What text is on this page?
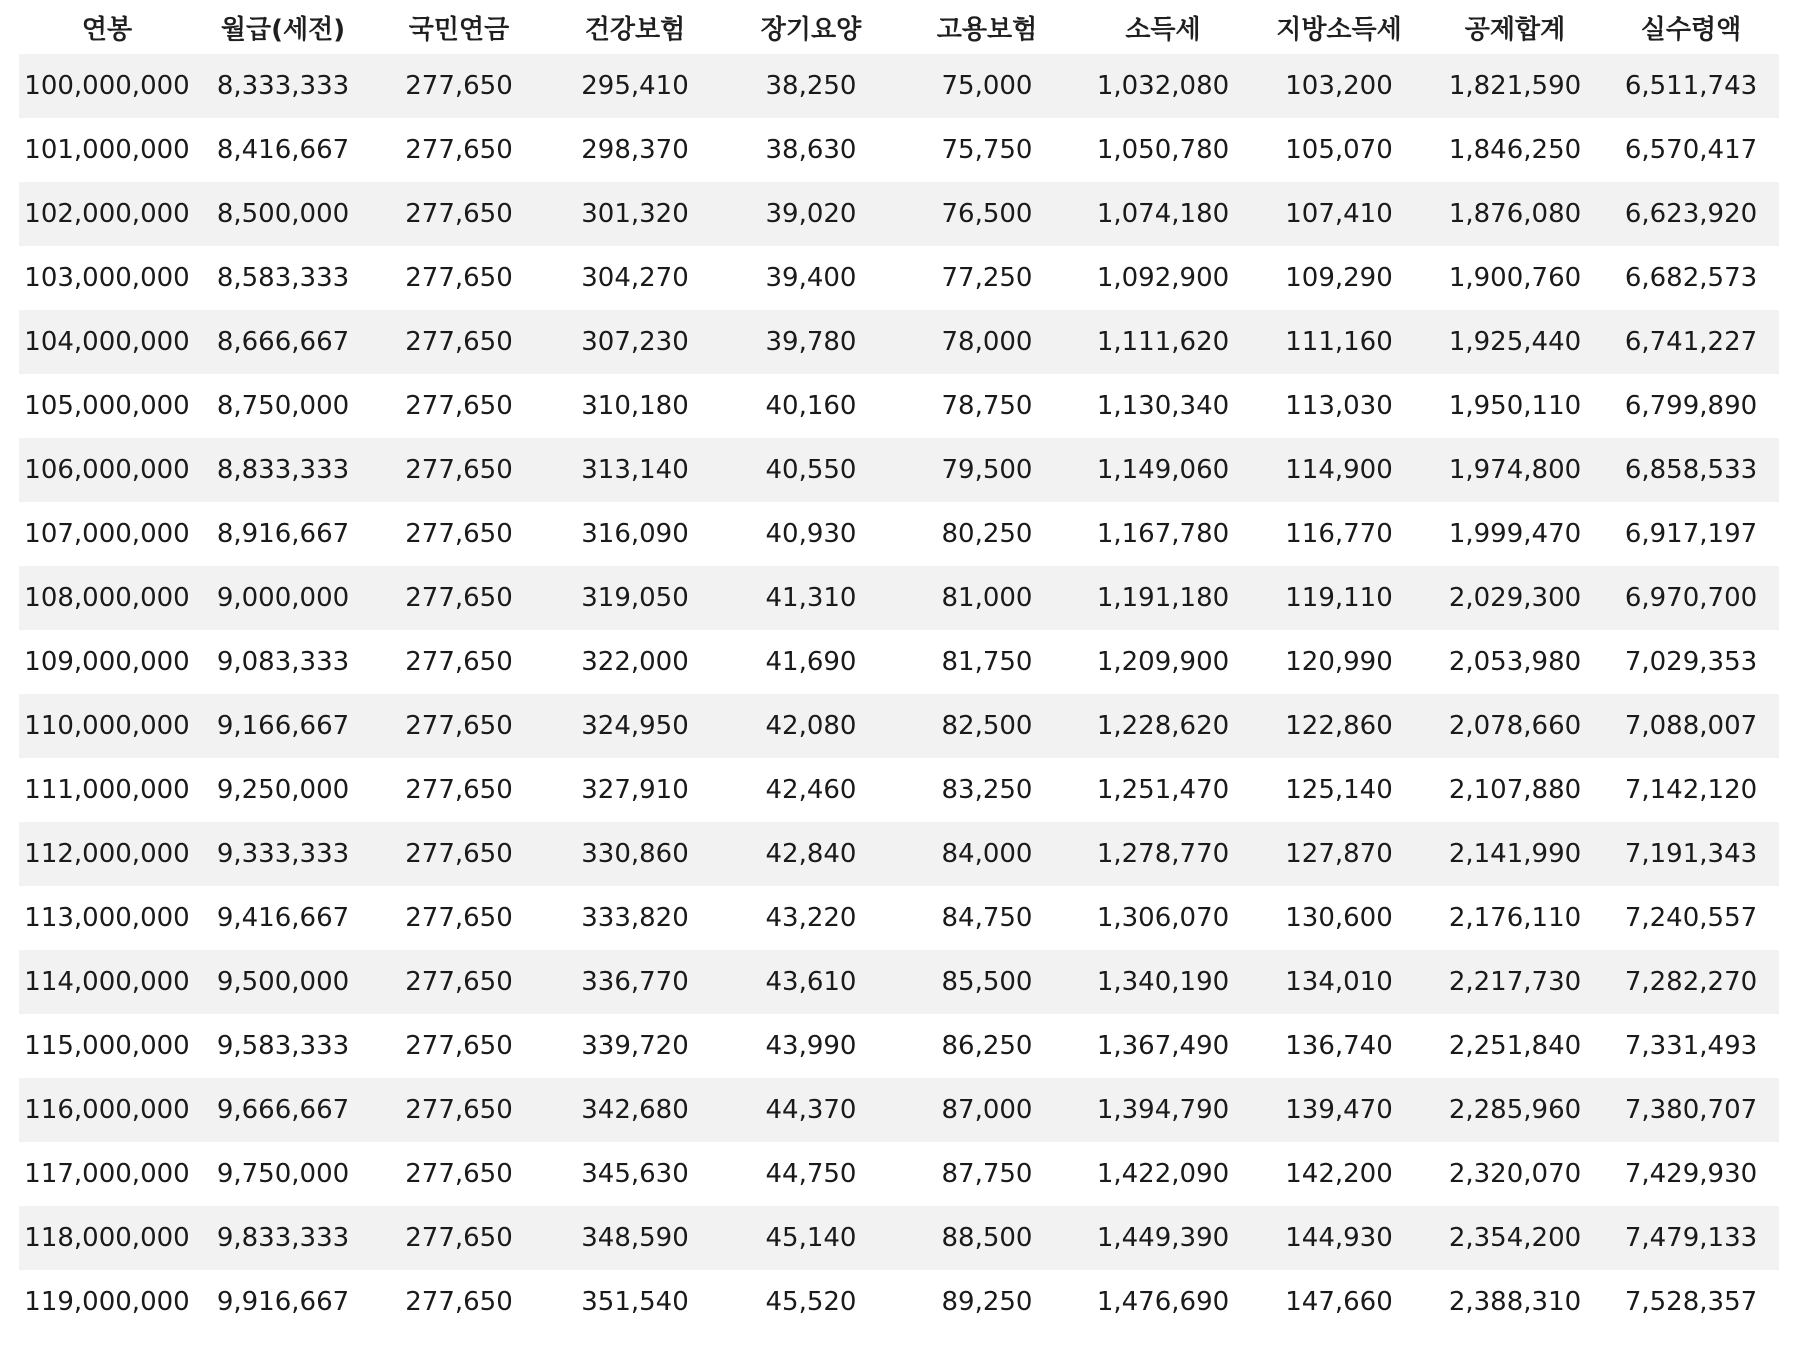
연봉	월급(세전)	국민연금	건강보험	장기요양	고용보험	소득세	지방소득세	공제합계	실수령액
100,000,000	8,333,333	277,650	295,410	38,250	75,000	1,032,080	103,200	1,821,590	6,511,743
101,000,000	8,416,667	277,650	298,370	38,630	75,750	1,050,780	105,070	1,846,250	6,570,417
102,000,000	8,500,000	277,650	301,320	39,020	76,500	1,074,180	107,410	1,876,080	6,623,920
103,000,000	8,583,333	277,650	304,270	39,400	77,250	1,092,900	109,290	1,900,760	6,682,573
104,000,000	8,666,667	277,650	307,230	39,780	78,000	1,111,620	111,160	1,925,440	6,741,227
105,000,000	8,750,000	277,650	310,180	40,160	78,750	1,130,340	113,030	1,950,110	6,799,890
106,000,000	8,833,333	277,650	313,140	40,550	79,500	1,149,060	114,900	1,974,800	6,858,533
107,000,000	8,916,667	277,650	316,090	40,930	80,250	1,167,780	116,770	1,999,470	6,917,197
108,000,000	9,000,000	277,650	319,050	41,310	81,000	1,191,180	119,110	2,029,300	6,970,700
109,000,000	9,083,333	277,650	322,000	41,690	81,750	1,209,900	120,990	2,053,980	7,029,353
110,000,000	9,166,667	277,650	324,950	42,080	82,500	1,228,620	122,860	2,078,660	7,088,007
111,000,000	9,250,000	277,650	327,910	42,460	83,250	1,251,470	125,140	2,107,880	7,142,120
112,000,000	9,333,333	277,650	330,860	42,840	84,000	1,278,770	127,870	2,141,990	7,191,343
113,000,000	9,416,667	277,650	333,820	43,220	84,750	1,306,070	130,600	2,176,110	7,240,557
114,000,000	9,500,000	277,650	336,770	43,610	85,500	1,340,190	134,010	2,217,730	7,282,270
115,000,000	9,583,333	277,650	339,720	43,990	86,250	1,367,490	136,740	2,251,840	7,331,493
116,000,000	9,666,667	277,650	342,680	44,370	87,000	1,394,790	139,470	2,285,960	7,380,707
117,000,000	9,750,000	277,650	345,630	44,750	87,750	1,422,090	142,200	2,320,070	7,429,930
118,000,000	9,833,333	277,650	348,590	45,140	88,500	1,449,390	144,930	2,354,200	7,479,133
119,000,000	9,916,667	277,650	351,540	45,520	89,250	1,476,690	147,660	2,388,310	7,528,357
